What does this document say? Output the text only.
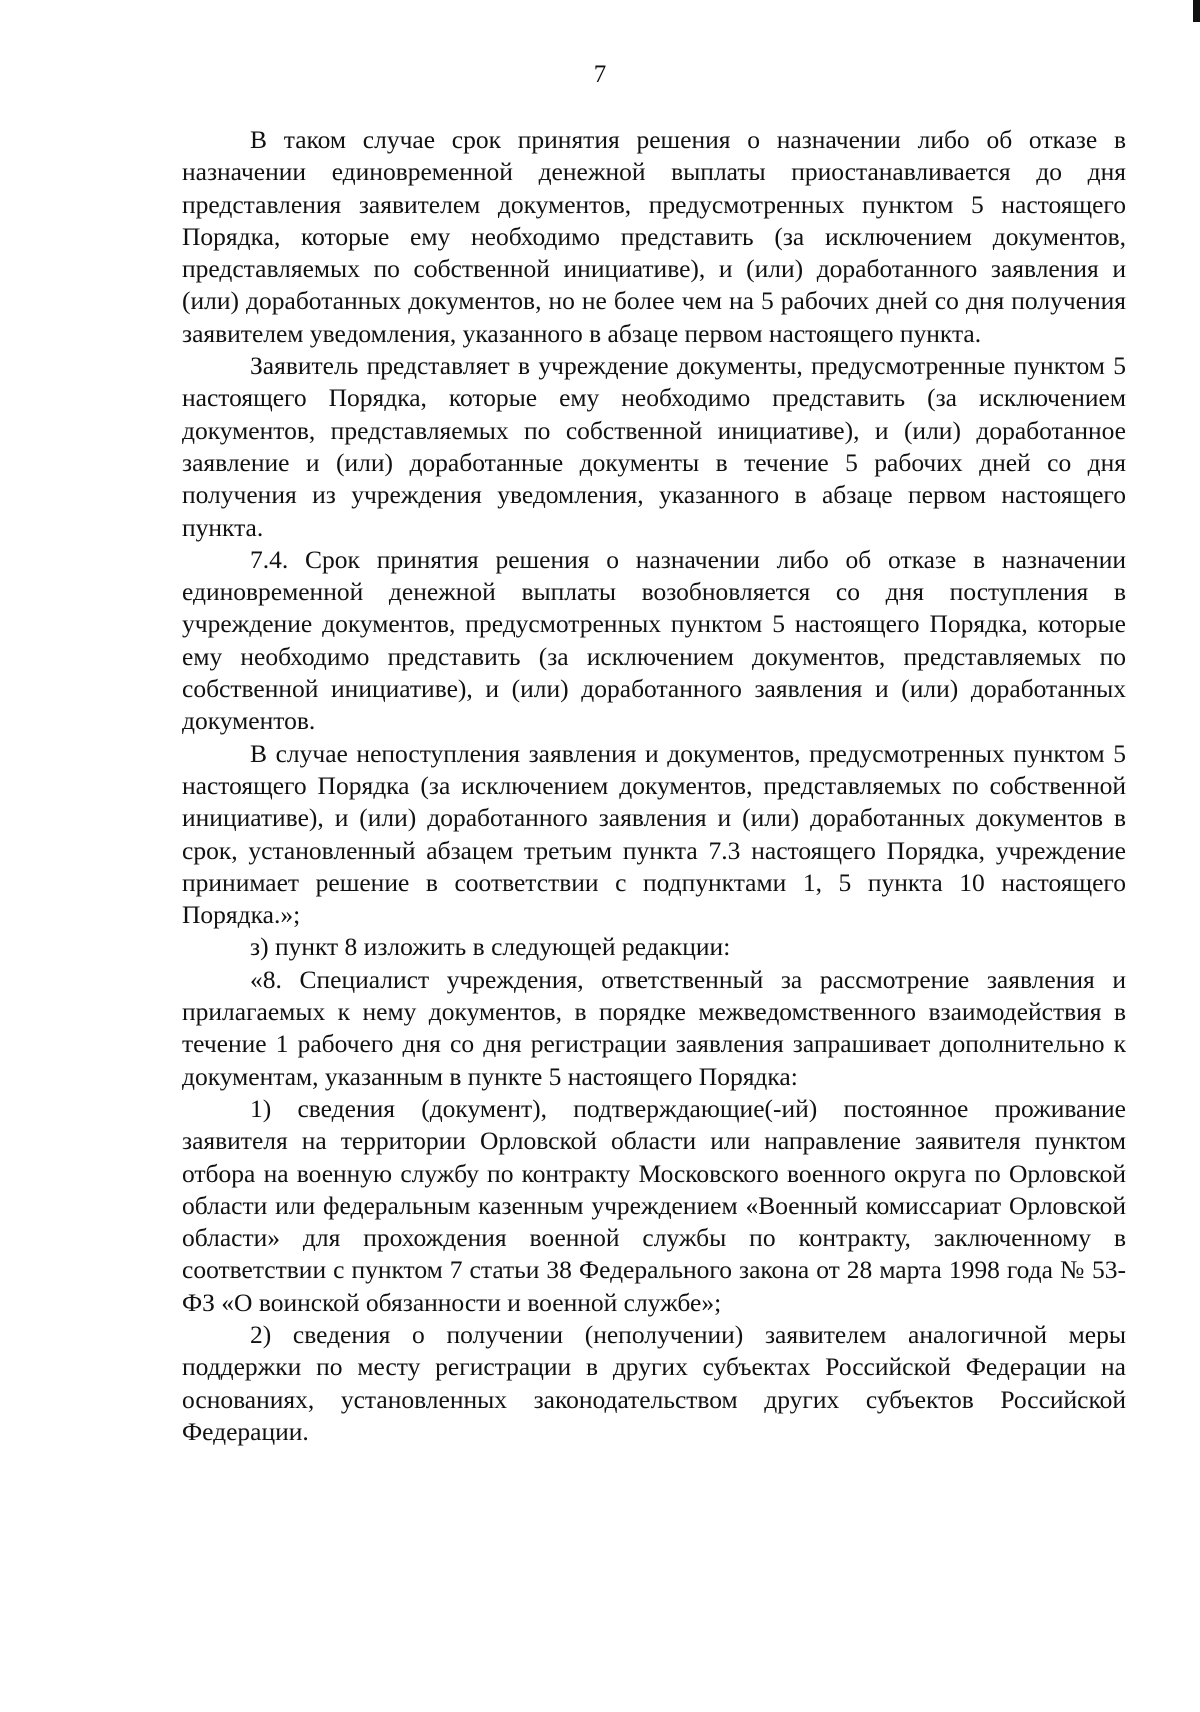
7

В таком случае срок принятия решения о назначении либо об отказе в назначении единовременной денежной выплаты приостанавливается до дня представления заявителем документов, предусмотренных пунктом 5 настоящего Порядка, которые ему необходимо представить (за исключением документов, представляемых по собственной инициативе), и (или) доработанного заявления и (или) доработанных документов, но не более чем на 5 рабочих дней со дня получения заявителем уведомления, указанного в абзаце первом настоящего пункта.

Заявитель представляет в учреждение документы, предусмотренные пунктом 5 настоящего Порядка, которые ему необходимо представить (за исключением документов, представляемых по собственной инициативе), и (или) доработанное заявление и (или) доработанные документы в течение 5 рабочих дней со дня получения из учреждения уведомления, указанного в абзаце первом настоящего пункта.

7.4. Срок принятия решения о назначении либо об отказе в назначении единовременной денежной выплаты возобновляется со дня поступления в учреждение документов, предусмотренных пунктом 5 настоящего Порядка, которые ему необходимо представить (за исключением документов, представляемых по собственной инициативе), и (или) доработанного заявления и (или) доработанных документов.

В случае непоступления заявления и документов, предусмотренных пунктом 5 настоящего Порядка (за исключением документов, представляемых по собственной инициативе), и (или) доработанного заявления и (или) доработанных документов в срок, установленный абзацем третьим пункта 7.3 настоящего Порядка, учреждение принимает решение в соответствии с подпунктами 1, 5 пункта 10 настоящего Порядка.»;

з) пункт 8 изложить в следующей редакции:

«8. Специалист учреждения, ответственный за рассмотрение заявления и прилагаемых к нему документов, в порядке межведомственного взаимодействия в течение 1 рабочего дня со дня регистрации заявления запрашивает дополнительно к документам, указанным в пункте 5 настоящего Порядка:

1) сведения (документ), подтверждающие(-ий) постоянное проживание заявителя на территории Орловской области или направление заявителя пунктом отбора на военную службу по контракту Московского военного округа по Орловской области или федеральным казенным учреждением «Военный комиссариат Орловской области» для прохождения военной службы по контракту, заключенному в соответствии с пунктом 7 статьи 38 Федерального закона от 28 марта 1998 года № 53-ФЗ «О воинской обязанности и военной службе»;

2) сведения о получении (неполучении) заявителем аналогичной меры поддержки по месту регистрации в других субъектах Российской Федерации на основаниях, установленных законодательством других субъектов Российской Федерации.
